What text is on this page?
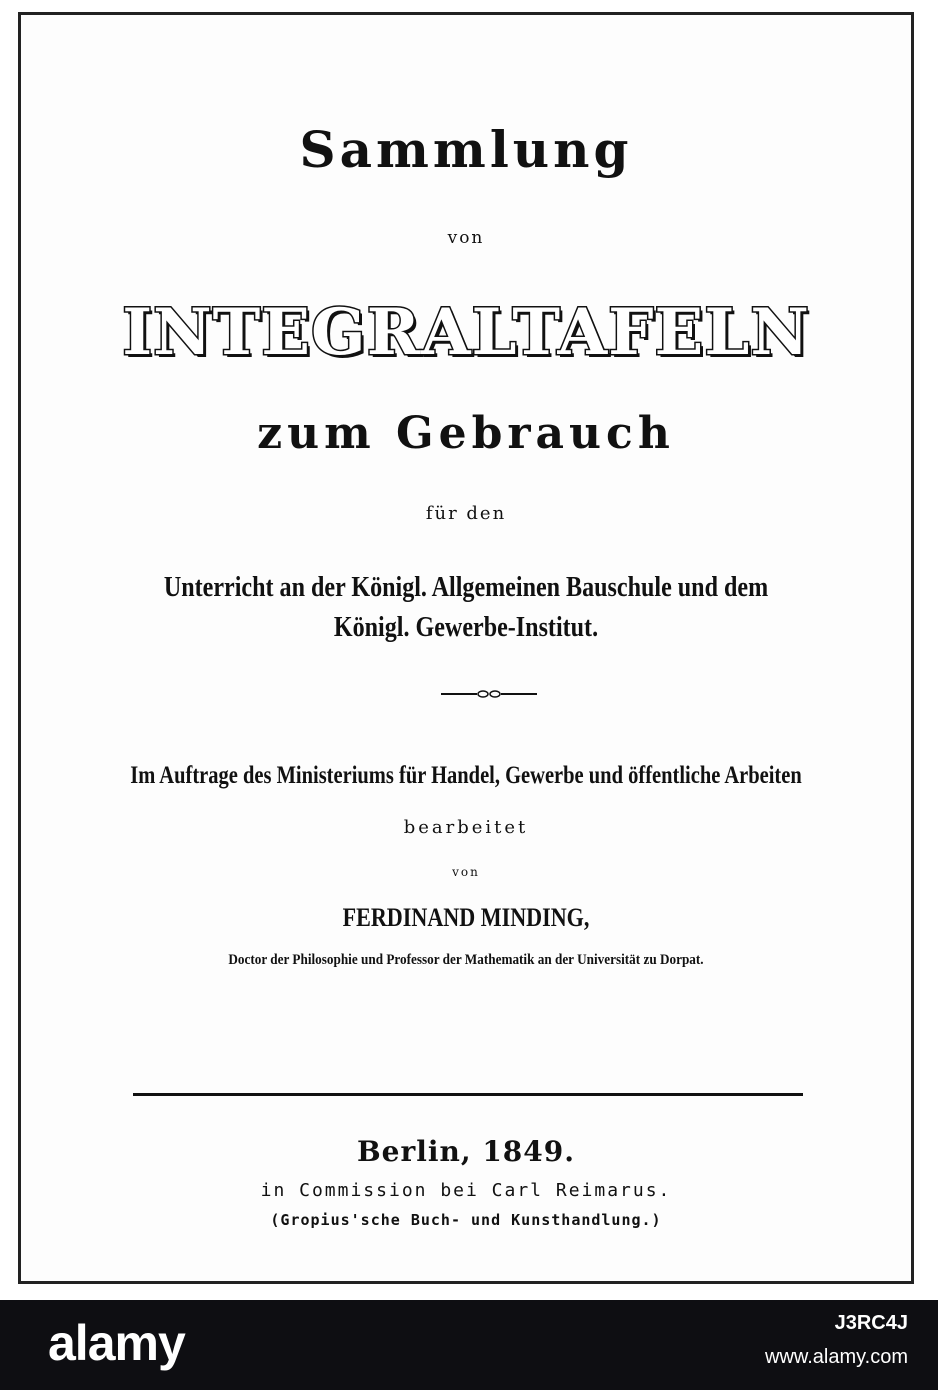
Sammlung
von
INTEGRALTAFELN
zum Gebrauch
für den
Unterricht an der Königl. Allgemeinen Bauschule und dem
Königl. Gewerbe-Institut.
Im Auftrage des Ministeriums für Handel, Gewerbe und öffentliche Arbeiten
bearbeitet
von
FERDINAND MINDING,
Doctor der Philosophie und Professor der Mathematik an der Universität zu Dorpat.
Berlin, 1849.
in Commission bei Carl Reimarus.
(Gropius'sche Buch- und Kunsthandlung.)
alamy	J3RC4J
www.alamy.com
